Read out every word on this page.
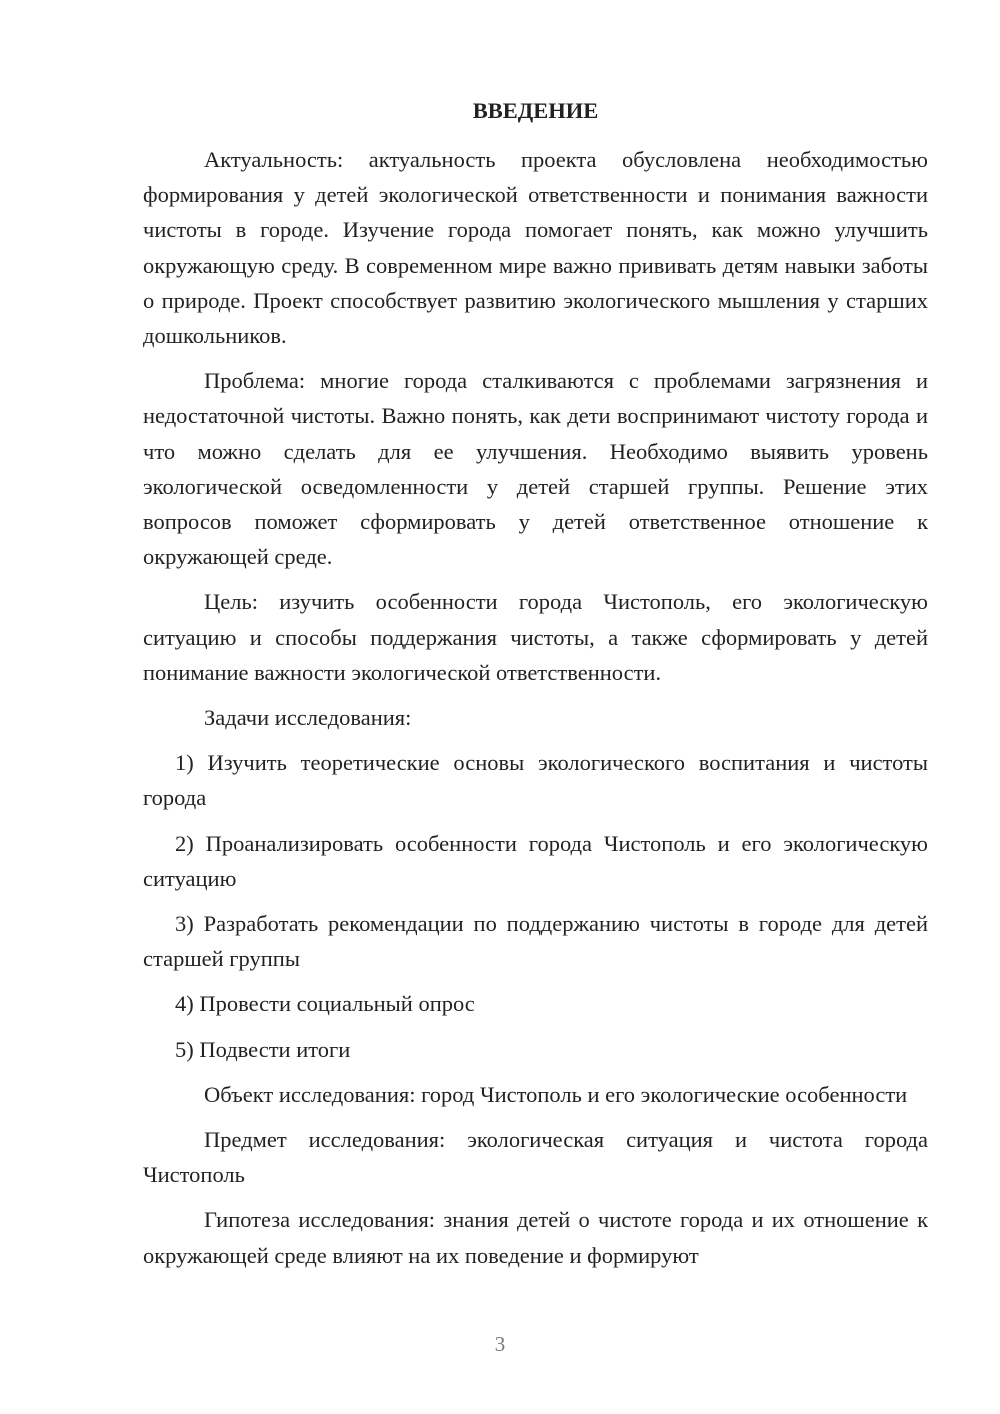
ВВЕДЕНИЕ

Актуальность: актуальность проекта обусловлена необходимостью формирования у детей экологической ответственности и понимания важности чистоты в городе. Изучение города помогает понять, как можно улучшить окружающую среду. В современном мире важно прививать детям навыки заботы о природе. Проект способствует развитию экологического мышления у старших дошкольников.

Проблема: многие города сталкиваются с проблемами загрязнения и недостаточной чистоты. Важно понять, как дети воспринимают чистоту города и что можно сделать для ее улучшения. Необходимо выявить уровень экологической осведомленности у детей старшей группы. Решение этих вопросов поможет сформировать у детей ответственное отношение к окружающей среде.

Цель: изучить особенности города Чистополь, его экологическую ситуацию и способы поддержания чистоты, а также сформировать у детей понимание важности экологической ответственности.

Задачи исследования:

1) Изучить теоретические основы экологического воспитания и чистоты города

2) Проанализировать особенности города Чистополь и его экологическую ситуацию

3) Разработать рекомендации по поддержанию чистоты в городе для детей старшей группы

4) Провести социальный опрос

5) Подвести итоги

Объект исследования: город Чистополь и его экологические особенности

Предмет исследования: экологическая ситуация и чистота города Чистополь

Гипотеза исследования: знания детей о чистоте города и их отношение к окружающей среде влияют на их поведение и формируют

3
